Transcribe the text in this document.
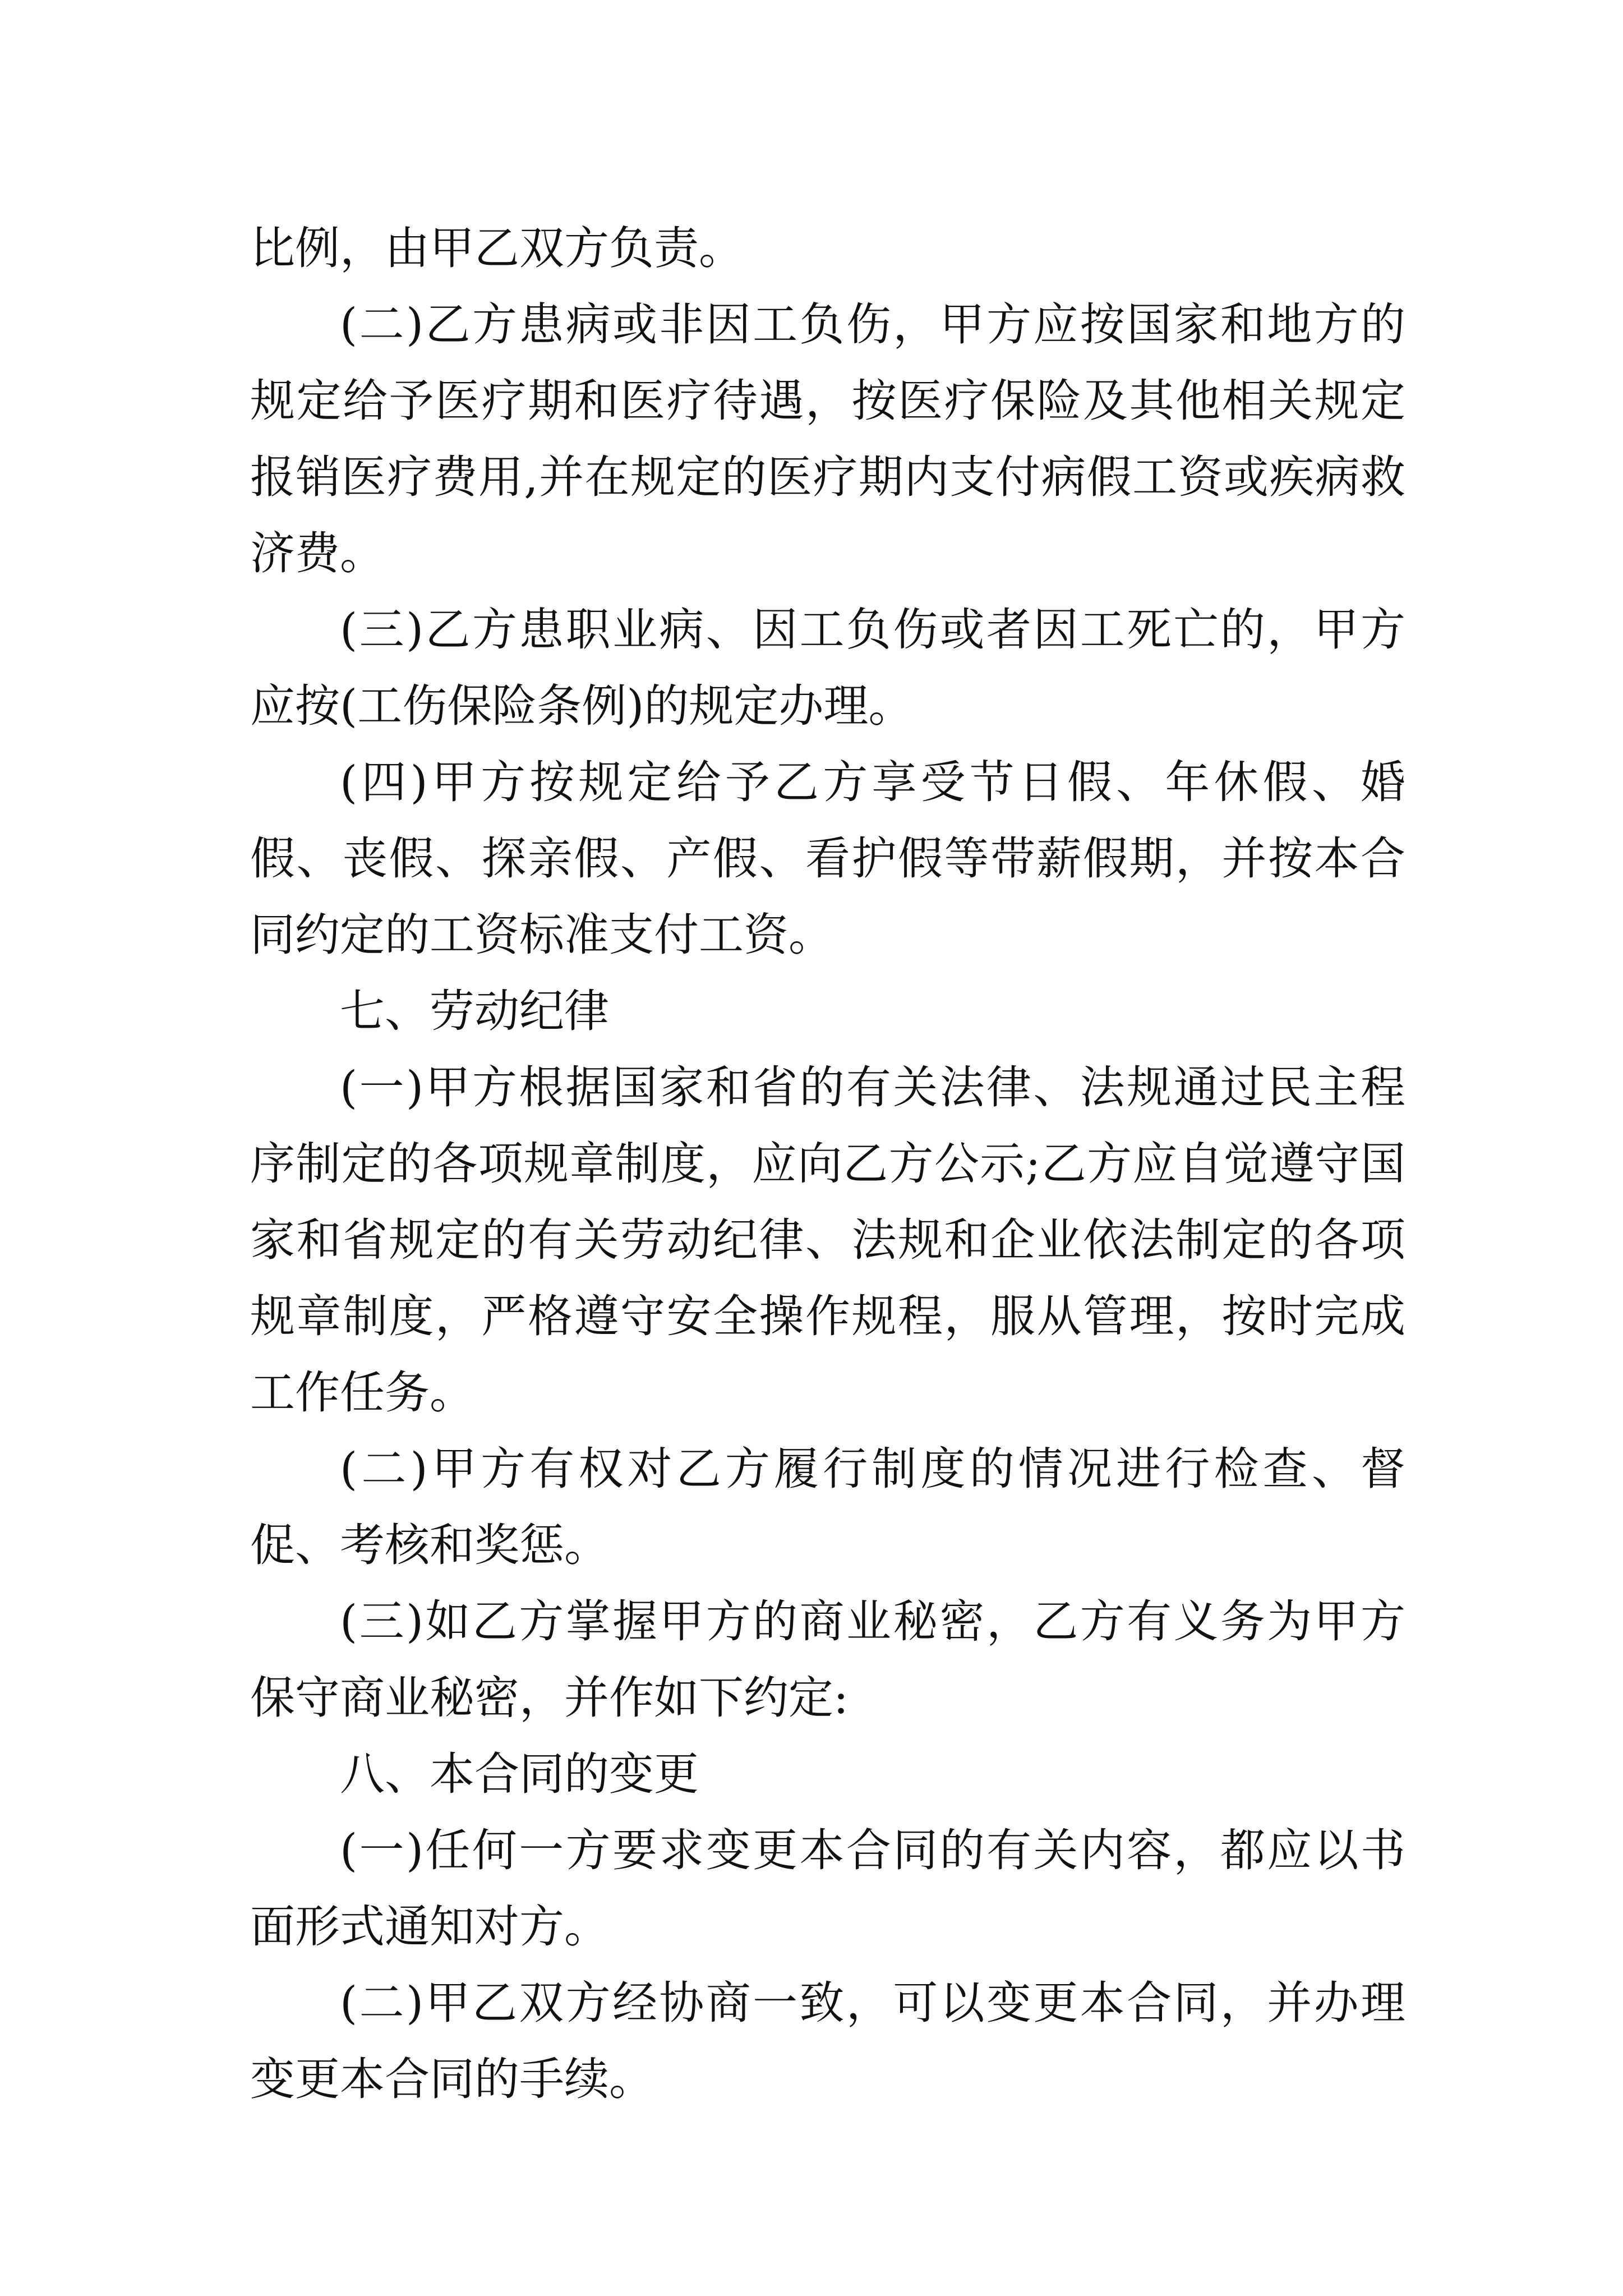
比例，由甲乙双方负责。

(二)乙方患病或非因工负伤，甲方应按国家和地方的规定给予医疗期和医疗待遇，按医疗保险及其他相关规定报销医疗费用,并在规定的医疗期内支付病假工资或疾病救济费。

(三)乙方患职业病、因工负伤或者因工死亡的，甲方应按(工伤保险条例)的规定办理。

(四)甲方按规定给予乙方享受节日假、年休假、婚假、丧假、探亲假、产假、看护假等带薪假期，并按本合同约定的工资标准支付工资。

七、劳动纪律

(一)甲方根据国家和省的有关法律、法规通过民主程序制定的各项规章制度，应向乙方公示;乙方应自觉遵守国家和省规定的有关劳动纪律、法规和企业依法制定的各项规章制度，严格遵守安全操作规程，服从管理，按时完成工作任务。

(二)甲方有权对乙方履行制度的情况进行检查、督促、考核和奖惩。

(三)如乙方掌握甲方的商业秘密，乙方有义务为甲方保守商业秘密，并作如下约定:

八、本合同的变更

(一)任何一方要求变更本合同的有关内容，都应以书面形式通知对方。

(二)甲乙双方经协商一致，可以变更本合同，并办理变更本合同的手续。
